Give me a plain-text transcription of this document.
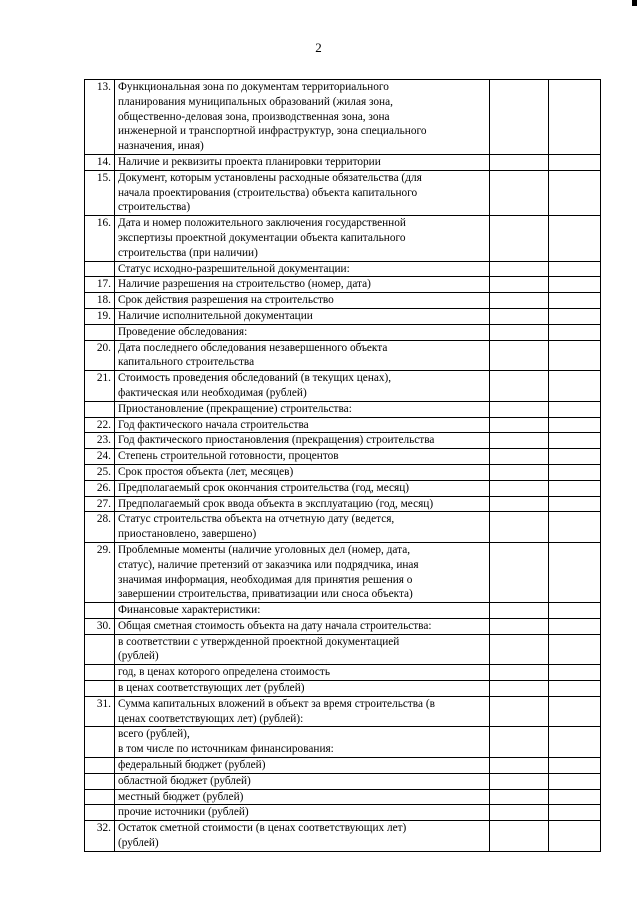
2
13.	Функциональная зона по документам территориального
планирования муниципальных образований (жилая зона,
общественно-деловая зона, производственная зона, зона
инженерной и транспортной инфраструктур, зона специального
назначения, иная)		

14.	Наличие и реквизиты проекта планировки территории		

15.	Документ, которым установлены расходные обязательства (для
начала проектирования (строительства) объекта капитального
строительства)		

16.	Дата и номер положительного заключения государственной
экспертизы проектной документации объекта капитального
строительства (при наличии)		

	Статус исходно-разрешительной документации:		

17.	Наличие разрешения на строительство (номер, дата)		

18.	Срок действия разрешения на строительство		

19.	Наличие исполнительной документации		

	Проведение обследования:		

20.	Дата последнего обследования незавершенного объекта
капитального строительства		

21.	Стоимость проведения обследований (в текущих ценах),
фактическая или необходимая (рублей)		

	Приостановление (прекращение) строительства:		

22.	Год фактического начала строительства		

23.	Год фактического приостановления (прекращения) строительства		

24.	Степень строительной готовности, процентов		

25.	Срок простоя объекта (лет, месяцев)		

26.	Предполагаемый срок окончания строительства (год, месяц)		

27.	Предполагаемый срок ввода объекта в эксплуатацию (год, месяц)		

28.	Статус строительства объекта на отчетную дату (ведется,
приостановлено, завершено)		

29.	Проблемные моменты (наличие уголовных дел (номер, дата,
статус), наличие претензий от заказчика или подрядчика, иная
значимая информация, необходимая для принятия решения о
завершении строительства, приватизации или сноса объекта)		

	Финансовые характеристики:		

30.	Общая сметная стоимость объекта на дату начала строительства:		

	в соответствии с утвержденной проектной документацией
(рублей)		

	год, в ценах которого определена стоимость		

	в ценах соответствующих лет (рублей)		

31.	Сумма капитальных вложений в объект за время строительства (в
ценах соответствующих лет) (рублей):		

	всего (рублей),
в том числе по источникам финансирования:		

	федеральный бюджет (рублей)		

	областной бюджет (рублей)		

	местный бюджет (рублей)		

	прочие источники (рублей)		

32.	Остаток сметной стоимости (в ценах соответствующих лет)
(рублей)		
